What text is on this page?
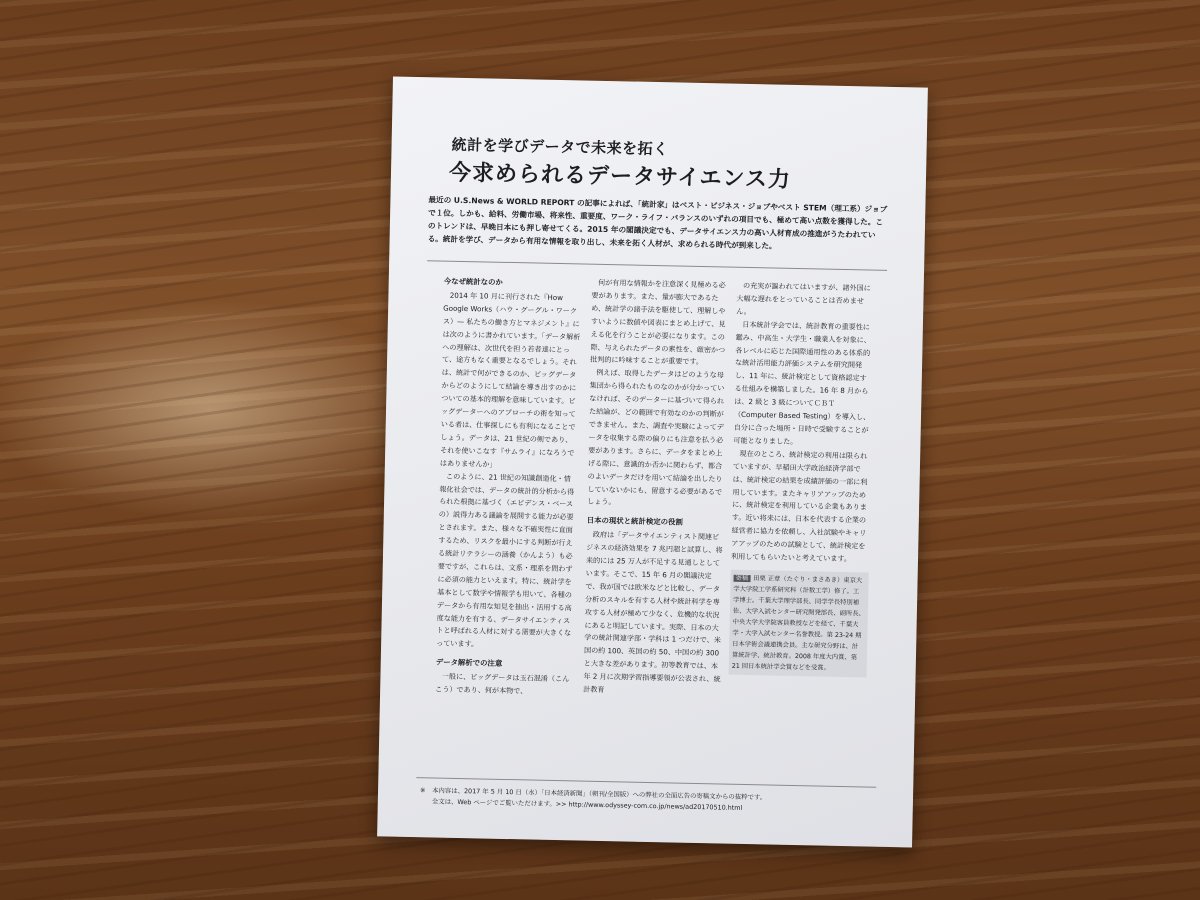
統計を学びデータで未来を拓く
今求められるデータサイエンス力
最近の U.S.News & WORLD REPORT の記事によれば、「統計家」はベスト・ビジネス・ジョブやベスト STEM（理工系）ジョブで１位。しかも、給料、労働市場、将来性、重要度、ワーク・ライフ・バランスのいずれの項目でも、極めて高い点数を獲得した。このトレンドは、早晩日本にも押し寄せてくる。2015 年の閣議決定でも、データサイエンス力の高い人材育成の推進がうたわれている。統計を学び、データから有用な情報を取り出し、未来を拓く人材が、求められる時代が到来した。
今なぜ統計なのか

2014 年 10 月に刊行された『How Google Works（ハウ・グーグル・ワークス）— 私たちの働き方とマネジメント』には次のように書かれています。「データ解析への理解は、次世代を担う若者達にとって、途方もなく重要となるでしょう。それは、統計で何ができるのか、ビッグデータからどのようにして結論を導き出すのかについての基本的理解を意味しています。ビッグデーターへのアプローチの術を知っている者は、仕事探しにも有利になることでしょう。データは、21 世紀の剣であり、それを使いこなす『サムライ』になろうではありませんか」

このように、21 世紀の知識創造化・情報化社会では、データの統計的分析から得られた根拠に基づく（エビデンス・ベースの）説得力ある議論を展開する能力が必要とされます。また、様々な不確実性に直面するため、リスクを最小にする判断が行える統計リテラシーの涵養（かんよう）も必要ですが、これらは、文系・理系を問わずに必須の能力といえます。特に、統計学を基本として数学や情報学も用いて、各種のデータから有用な知見を抽出・活用する高度な能力を有する、データサイエンティストと呼ばれる人材に対する需要が大きくなっています。

データ解析での注意

一般に、ビッグデータは玉石混淆（こんこう）であり、何が本物で、

何が有用な情報かを注意深く見極める必要があります。また、量が膨大であるため、統計学の諸手法を駆使して、理解しやすいように数値や図表にまとめ上げて、見える化を行うことが必要になります。この際、与えられたデータの素性を、厳密かつ批判的に吟味することが重要です。

例えば、取得したデータはどのような母集団から得られたものなのかが分かっていなければ、そのデーターに基づいて得られた結論が、どの範囲で有効なのかの判断ができません。また、調査や実験によってデータを収集する際の偏りにも注意を払う必要があります。さらに、データをまとめ上げる際に、意識的か否かに関わらず、都合のよいデータだけを用いて結論を出したりしていないかにも、留意する必要があるでしょう。

日本の現状と統計検定の役割

政府は「データサイエンティスト関連ビジネスの経済効果を 7 兆円超と試算し、将来的には 25 万人が不足する見通しとしています。そこで、15 年 6 月の閣議決定で、我が国では欧米などと比較し、データ分析のスキルを有する人材や統計科学を専攻する人材が極めて少なく、危機的な状況にあると明記しています。実際、日本の大学の統計関連学部・学科は 1 つだけで、米国の約 100、英国の約 50、中国の約 300 と大きな差があります。初等教育では、本年 2 月に次期学習指導要領が公表され、統計教育

の充実が謳われてはいますが、諸外国に大幅な遅れをとっていることは否めません。

日本統計学会では、統計教育の重要性に鑑み、中高生・大学生・職業人を対象に、各レベルに応じた国際通用性のある体系的な統計活用能力評価システムを研究開発し、11 年に、統計検定として資格認定する仕組みを構築しました。16 年 8 月からは、2 級と 3 級についてＣＢＴ（Computer Based Testing）を導入し、自分に合った場所・日時で受験することが可能となりました。

現在のところ、統計検定の利用は限られていますが、早稲田大学政治経済学部では、統計検定の結果を成績評価の一部に利用しています。またキャリアアップのために、統計検定を利用している企業もあります。近い将来には、日本を代表する企業の経営者に協力を依頼し、入社試験やキャリアアップのための試験として、統計検定を利用してもらいたいと考えています。

寄稿 田栗 正章（たぐり・まさあき）東京大学大学院工学系研究科（計数工学）修了。工学博士。千葉大学理学部長、同学学長特別補佐、大学入試センター研究開発部長、副所長、中央大学大学院客員教授などを経て、千葉大学・大学入試センター名誉教授。第 23-24 期日本学術会議連携会員。主な研究分野は、計算統計学、統計教育。2008 年度大内賞、第 21 回日本統計学会賞などを受賞。
※ 本内容は、2017 年 5 月 10 日（水）「日本経済新聞」（朝刊/全国版）への弊社の全面広告の寄稿文からの抜粋です。
全文は、Web ページでご覧いただけます。>> http://www.odyssey-com.co.jp/news/ad20170510.html
